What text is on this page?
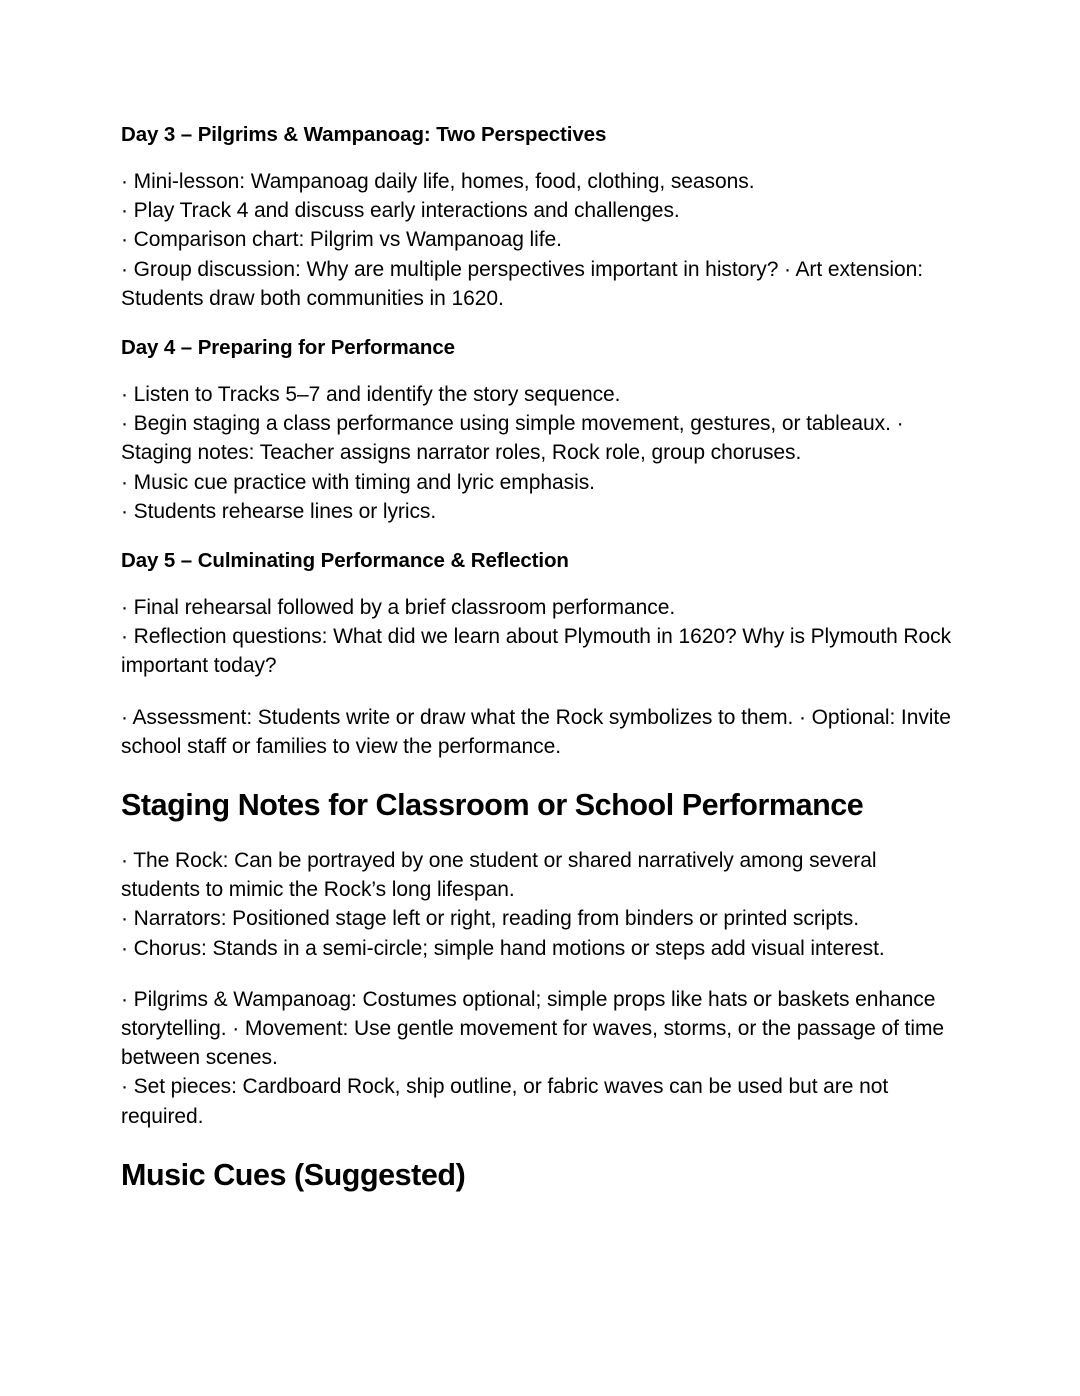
Day 3 – Pilgrims & Wampanoag: Two Perspectives

· Mini-lesson: Wampanoag daily life, homes, food, clothing, seasons.
· Play Track 4 and discuss early interactions and challenges.
· Comparison chart: Pilgrim vs Wampanoag life.
· Group discussion: Why are multiple perspectives important in history? · Art extension: Students draw both communities in 1620.

Day 4 – Preparing for Performance

· Listen to Tracks 5–7 and identify the story sequence.
· Begin staging a class performance using simple movement, gestures, or tableaux. · Staging notes: Teacher assigns narrator roles, Rock role, group choruses.
· Music cue practice with timing and lyric emphasis.
· Students rehearse lines or lyrics.

Day 5 – Culminating Performance & Reflection

· Final rehearsal followed by a brief classroom performance.
· Reflection questions: What did we learn about Plymouth in 1620? Why is Plymouth Rock important today?

· Assessment: Students write or draw what the Rock symbolizes to them. · Optional: Invite school staff or families to view the performance.

Staging Notes for Classroom or School Performance

· The Rock: Can be portrayed by one student or shared narratively among several students to mimic the Rock’s long lifespan.
· Narrators: Positioned stage left or right, reading from binders or printed scripts.
· Chorus: Stands in a semi-circle; simple hand motions or steps add visual interest.

· Pilgrims & Wampanoag: Costumes optional; simple props like hats or baskets enhance storytelling. · Movement: Use gentle movement for waves, storms, or the passage of time between scenes.
· Set pieces: Cardboard Rock, ship outline, or fabric waves can be used but are not required.

Music Cues (Suggested)
